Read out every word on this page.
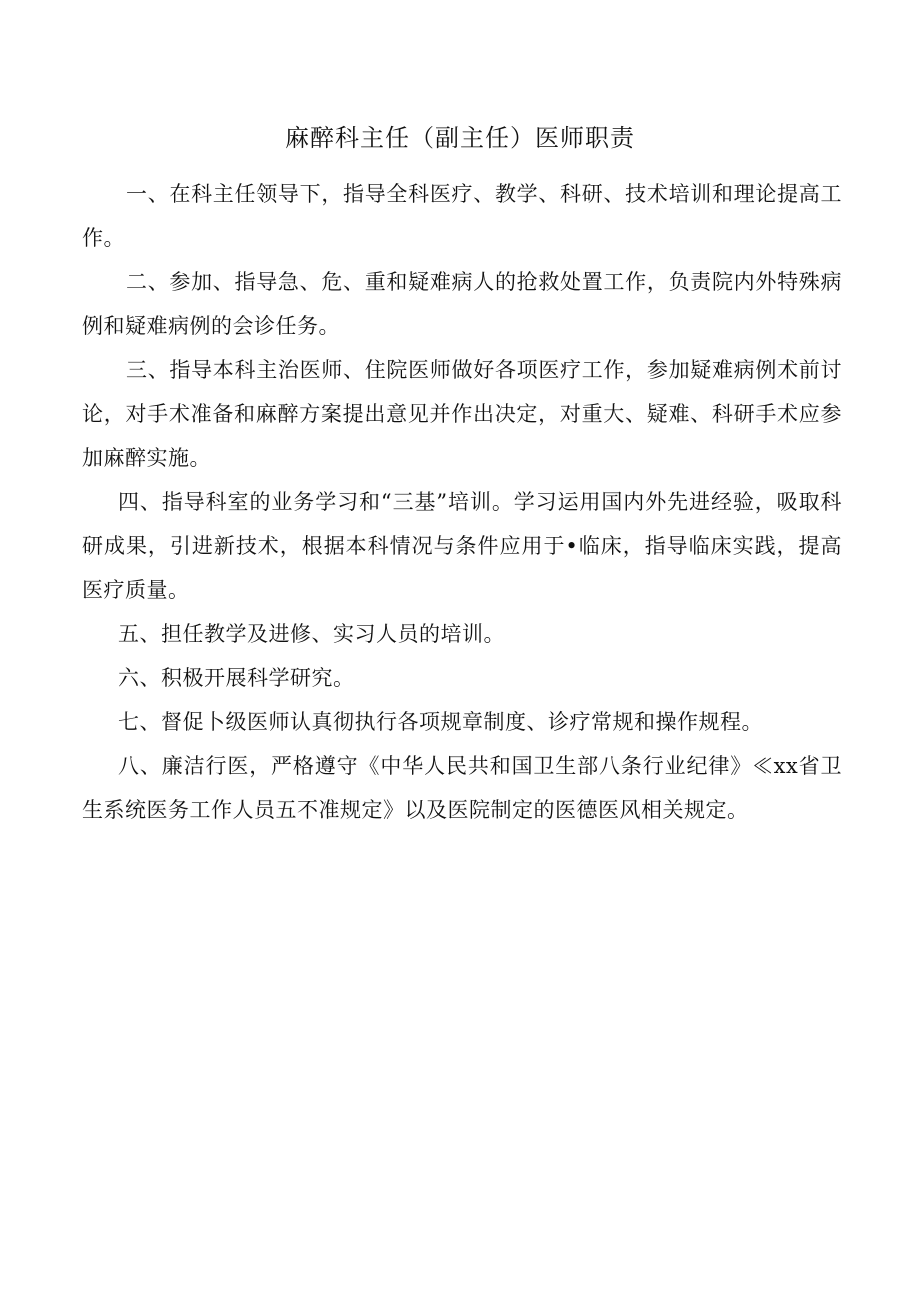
麻醉科主任（副主任）医师职责

一、在科主任领导下，指导全科医疗、教学、科研、技术培训和理论提高工作。

二、参加、指导急、危、重和疑难病人的抢救处置工作，负责院内外特殊病例和疑难病例的会诊任务。

三、指导本科主治医师、住院医师做好各项医疗工作，参加疑难病例术前讨论，对手术准备和麻醉方案提出意见并作出决定，对重大、疑难、科研手术应参加麻醉实施。

四、指导科室的业务学习和“三基”培训。学习运用国内外先进经验，吸取科研成果，引进新技术，根据本科情况与条件应用于•临床，指导临床实践，提高医疗质量。

五、担任教学及进修、实习人员的培训。

六、积极开展科学研究。

七、督促卜级医师认真彻执行各项规章制度、诊疗常规和操作规程。

八、廉洁行医，严格遵守《中华人民共和国卫生部八条行业纪律》≪xx省卫生系统医务工作人员五不准规定》以及医院制定的医德医风相关规定。
